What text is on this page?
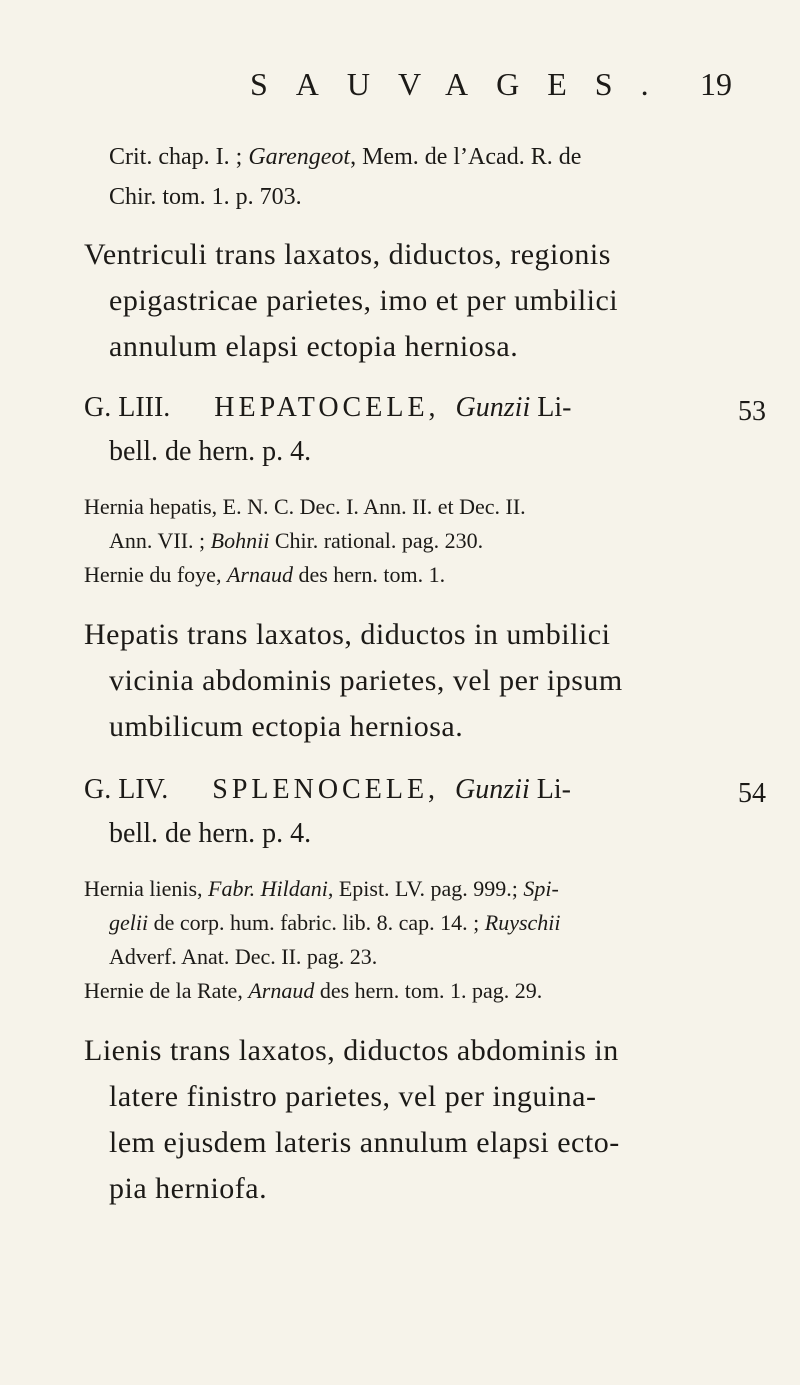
SAUVAGES. 19
Crit. chap. I. ; Garengeot, Mem. de l’Acad. R. de
Chir. tom. 1. p. 703.
Ventriculi trans laxatos, diductos, regionis
epigastricae parietes, imo et per umbilici
annulum elapsi ectopia herniosa.
G. LIII. HEPATOCELE, Gunzii Li-	53
bell. de hern. p. 4.
Hernia hepatis, E. N. C. Dec. I. Ann. II. et Dec. II.
Ann. VII. ; Bohnii Chir. rational. pag. 230.
Hernie du foye, Arnaud des hern. tom. 1.
Hepatis trans laxatos, diductos in umbilici
vicinia abdominis parietes, vel per ipsum
umbilicum ectopia herniosa.
G. LIV. SPLENOCELE, Gunzii Li-	54
bell. de hern. p. 4.
Hernia lienis, Fabr. Hildani, Epist. LV. pag. 999.; Spi-
gelii de corp. hum. fabric. lib. 8. cap. 14. ; Ruyschii
Adverf. Anat. Dec. II. pag. 23.
Hernie de la Rate, Arnaud des hern. tom. 1. pag. 29.
Lienis trans laxatos, diductos abdominis in
latere finistro parietes, vel per inguina-
lem ejusdem lateris annulum elapsi ecto-
pia herniofa.
